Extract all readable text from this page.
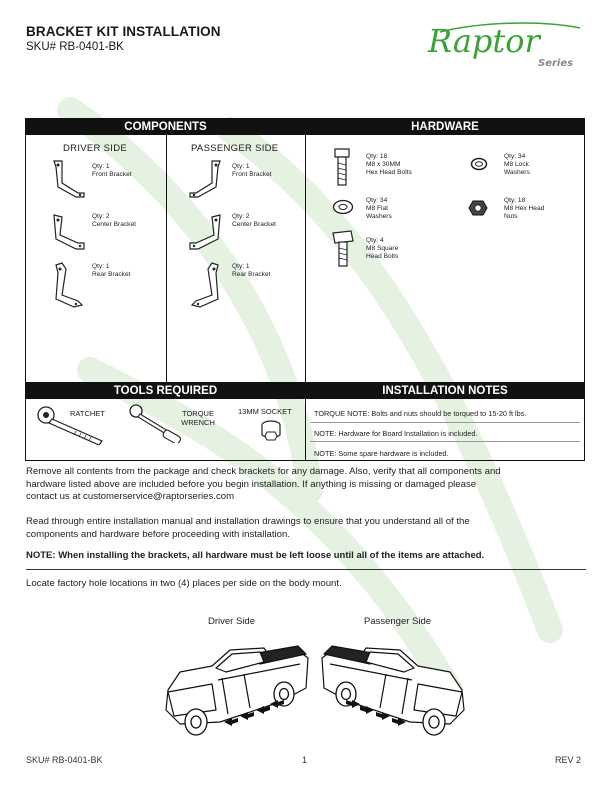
BRACKET KIT INSTALLATION
SKU# RB-0401-BK	Raptor
Series
COMPONENTS	HARDWARE
DRIVER SIDE	PASSENGER SIDE
Qty: 1
Front Bracket
Qty: 2
Center Bracket
Qty: 1
Rear Bracket
Qty: 1
Front Bracket
Qty: 2
Center Bracket
Qty: 1
Rear Bracket
Qty: 18
M8 x 30MM
Hex Head Bolts
Qty: 34
M8 Lock
Washers
Qty: 34
M8 Flat
Washers
Qty: 18
M8 Hex Head
Nuts
Qty: 4
M8 Square
Head Bolts
TOOLS REQUIRED	INSTALLATION NOTES
RATCHET	TORQUE
WRENCH
13MM SOCKET	TORQUE NOTE: Bolts and nuts should be torqued to 15-20 ft lbs.
NOTE: Hardware for Board Installation is included.
NOTE: Some spare hardware is included.
Remove all contents from the package and check brackets for any damage. Also, verify that all components and
hardware listed above are included before you begin installation. If anything is missing or damaged please
contact us at customerservice@raptorseries.com
Read through entire installation manual and installation drawings to ensure that you understand all of the
components and hardware before proceeding with installation.
NOTE: When installing the brackets, all hardware must be left loose until all of the items are attached.
Locate factory hole locations in two (4) places per side on the body mount.
Driver Side	Passenger Side
SKU# RB-0401-BK	1	REV 2
